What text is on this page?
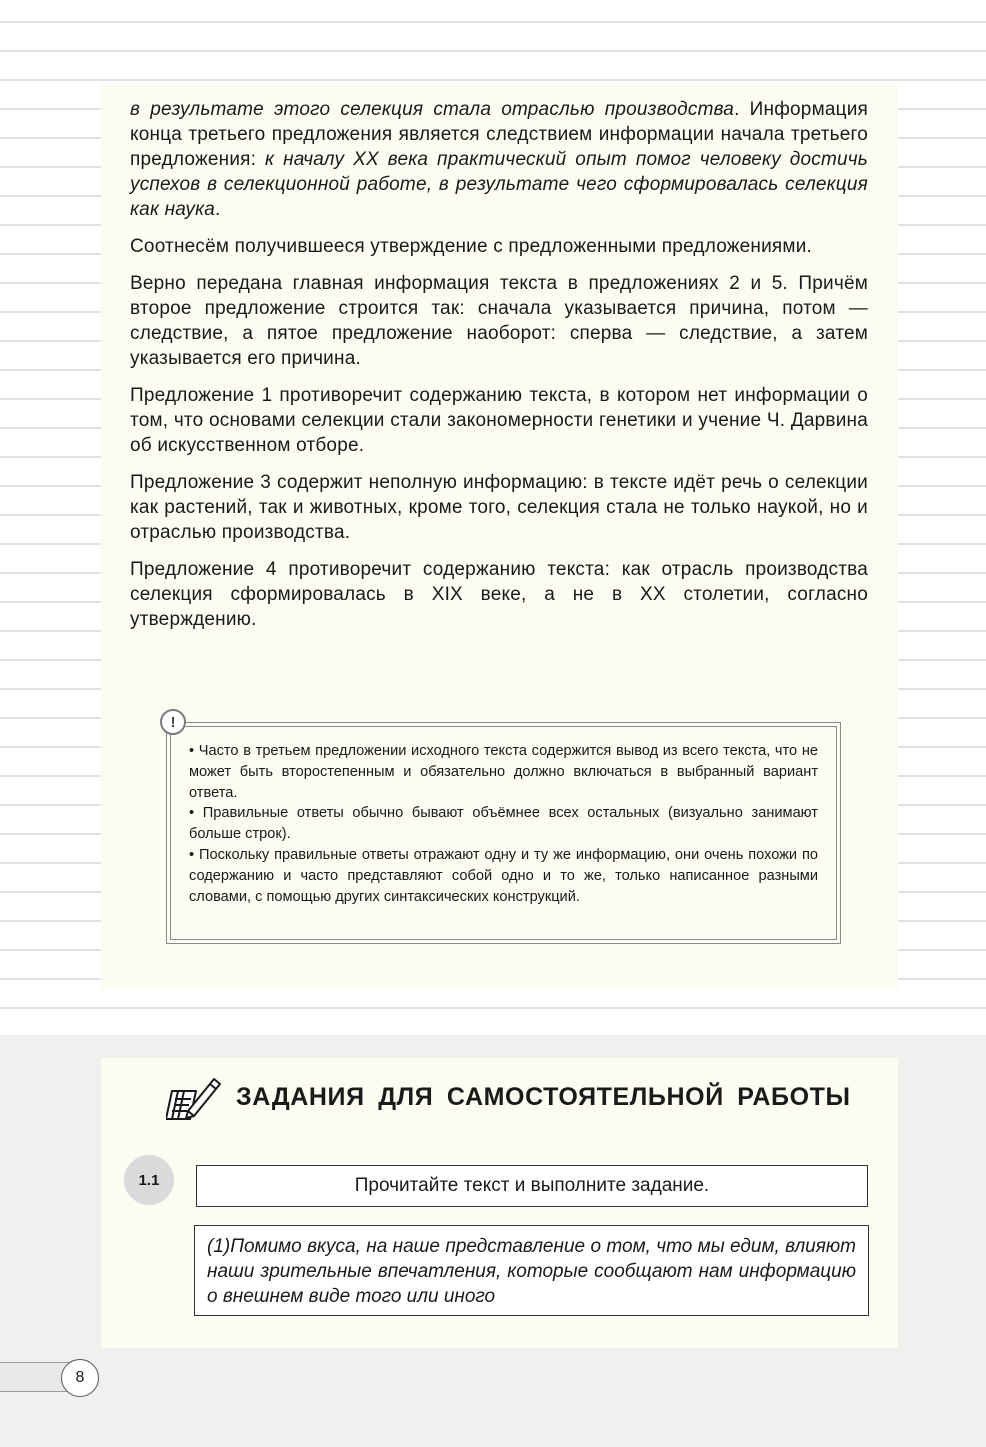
в результате этого селекция стала отраслью производства. Информация конца третьего предложения является следствием информации начала третьего предложения: к началу XX века практический опыт помог человеку достичь успехов в селекционной работе, в результате чего сформировалась селекция как наука.

Соотнесём получившееся утверждение с предложенными предложениями.

Верно передана главная информация текста в предложениях 2 и 5. Причём второе предложение строится так: сначала указывается причина, потом — следствие, а пятое предложение наоборот: сперва — следствие, а затем указывается его причина.

Предложение 1 противоречит содержанию текста, в котором нет информации о том, что основами селекции стали закономерности генетики и учение Ч. Дарвина об искусственном отборе.

Предложение 3 содержит неполную информацию: в тексте идёт речь о селекции как растений, так и животных, кроме того, селекция стала не только наукой, но и отраслью производства.

Предложение 4 противоречит содержанию текста: как отрасль производства селекция сформировалась в XIX веке, а не в XX столетии, согласно утверждению.

!
• Часто в третьем предложении исходного текста содержится вывод из всего текста, что не может быть второстепенным и обязательно должно включаться в выбранный вариант ответа.
• Правильные ответы обычно бывают объёмнее всех остальных (визуально занимают больше строк).
• Поскольку правильные ответы отражают одну и ту же информацию, они очень похожи по содержанию и часто представляют собой одно и то же, только написанное разными словами, с помощью других синтаксических конструкций.
ЗАДАНИЯ ДЛЯ САМОСТОЯТЕЛЬНОЙ РАБОТЫ
1.1	Прочитайте текст и выполните задание.
(1)Помимо вкуса, на наше представление о том, что мы едим, влияют наши зрительные впечатления, которые сообщают нам информацию о внешнем виде того или иного
8
